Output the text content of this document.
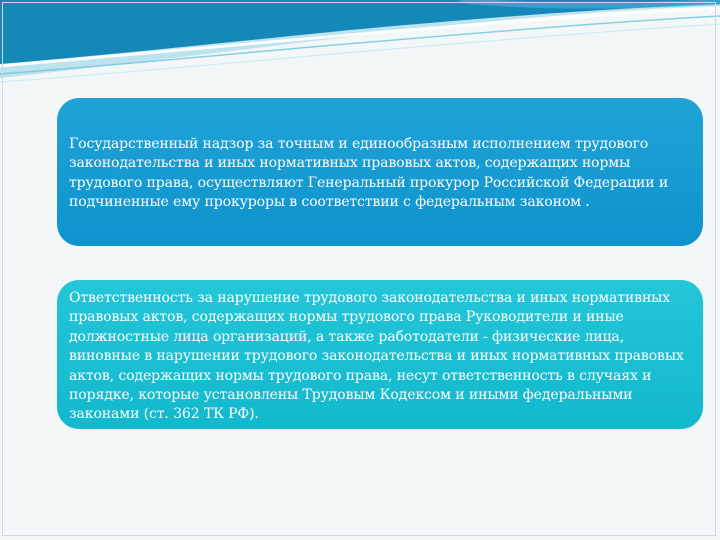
Государственный надзор за точным и единообразным исполнением трудового законодательства и иных нормативных правовых актов, содержащих нормы трудового права, осуществляют Генеральный прокурор Российской Федерации и подчиненные ему прокуроры в соответствии с федеральным законом .

Ответственность за нарушение трудового законодательства и иных нормативных правовых актов, содержащих нормы трудового права Руководители и иные должностные лица организаций, а также работодатели - физические лица, виновные в нарушении трудового законодательства и иных нормативных правовых актов, содержащих нормы трудового права, несут ответственность в случаях и порядке, которые установлены Трудовым Кодексом и иными федеральными законами (ст. 362 ТК РФ).
